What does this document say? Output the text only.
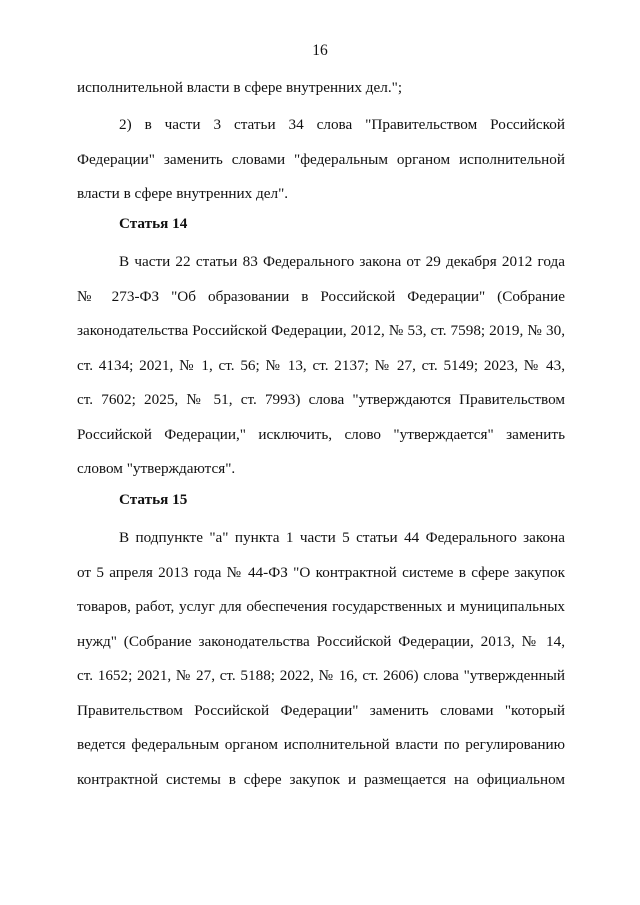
16
исполнительной власти в сфере внутренних дел.";
2) в части 3 статьи 34 слова "Правительством Российской
Федерации" заменить словами "федеральным органом исполнительной
власти в сфере внутренних дел".
Статья 14
В части 22 статьи 83 Федерального закона от 29 декабря 2012 года
№ 273-ФЗ "Об образовании в Российской Федерации" (Собрание
законодательства Российской Федерации, 2012, № 53, ст. 7598; 2019, № 30,
ст. 4134; 2021, № 1, ст. 56; № 13, ст. 2137; № 27, ст. 5149; 2023, № 43,
ст. 7602; 2025, № 51, ст. 7993) слова "утверждаются Правительством
Российской Федерации," исключить, слово "утверждается" заменить
словом "утверждаются".
Статья 15
В подпункте "а" пункта 1 части 5 статьи 44 Федерального закона
от 5 апреля 2013 года № 44-ФЗ "О контрактной системе в сфере закупок
товаров, работ, услуг для обеспечения государственных и муниципальных
нужд" (Собрание законодательства Российской Федерации, 2013, № 14,
ст. 1652; 2021, № 27, ст. 5188; 2022, № 16, ст. 2606) слова "утвержденный
Правительством Российской Федерации" заменить словами "который
ведется федеральным органом исполнительной власти по регулированию
контрактной системы в сфере закупок и размещается на официальном
